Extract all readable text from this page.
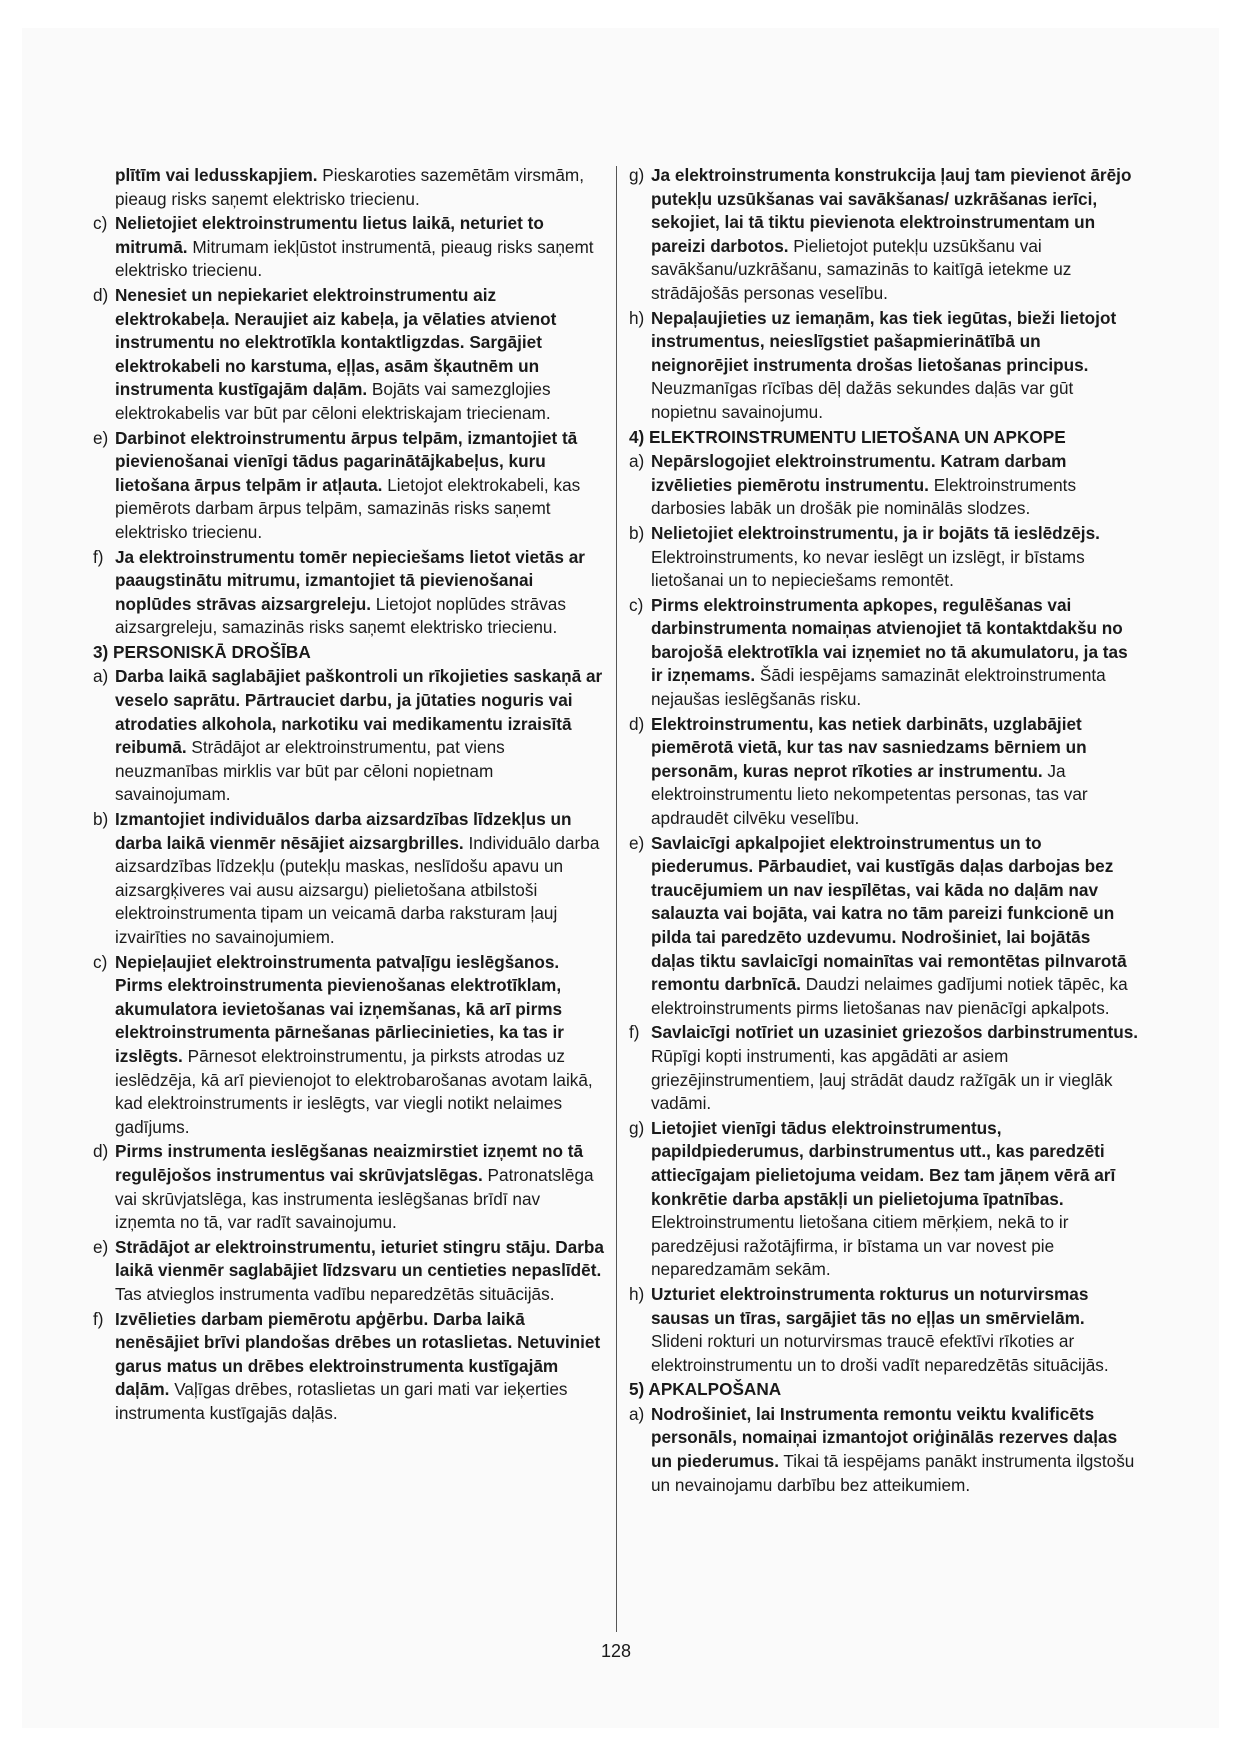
plītīm vai ledusskapjiem. Pieskaroties sazemētām virsmām, pieaug risks saņemt elektrisko triecienu.
c) Nelietojiet elektroinstrumentu lietus laikā, neturiet to mitrumā. Mitrumam iekļūstot instrumentā, pieaug risks saņemt elektrisko triecienu.
d) Nenesiet un nepiekariet elektroinstrumentu aiz elektrokabeļa. Neraujiet aiz kabeļa, ja vēlaties atvienot instrumentu no elektrotīkla kontaktligzdas. Sargājiet elektrokabeli no karstuma, eļļas, asām šķautnēm un instrumenta kustīgajām daļām. Bojāts vai samezglojies elektrokabelis var būt par cēloni elektriskajam triecienam.
e) Darbinot elektroinstrumentu ārpus telpām, izmantojiet tā pievienošanai vienīgi tādus pagarinātājkabeļus, kuru lietošana ārpus telpām ir atļauta. Lietojot elektrokabeli, kas piemērots darbam ārpus telpām, samazinās risks saņemt elektrisko triecienu.
f) Ja elektroinstrumentu tomēr nepieciešams lietot vietās ar paaugstinātu mitrumu, izmantojiet tā pievienošanai noplūdes strāvas aizsargreleju. Lietojot noplūdes strāvas aizsargreleju, samazinās risks saņemt elektrisko triecienu.
3) PERSONISKĀ DROŠĪBA
a) Darba laikā saglabājiet paškontroli un rīkojieties saskaņā ar veselo saprātu. Pārtrauciet darbu, ja jūtaties noguris vai atrodaties alkohola, narkotiku vai medikamentu izraisītā reibumā. Strādājot ar elektroinstrumentu, pat viens neuzmanības mirklis var būt par cēloni nopietnam savainojumam.
b) Izmantojiet individuālos darba aizsardzības līdzekļus un darba laikā vienmēr nēsājiet aizsargbrilles. Individuālo darba aizsardzības līdzekļu (putekļu maskas, neslīdošu apavu un aizsargķiveres vai ausu aizsargu) pielietošana atbilstoši elektroinstrumenta tipam un veicamā darba raksturam ļauj izvairīties no savainojumiem.
c) Nepieļaujiet elektroinstrumenta patvaļīgu ieslēgšanos. Pirms elektroinstrumenta pievienošanas elektrotīklam, akumulatora ievietošanas vai izņemšanas, kā arī pirms elektroinstrumenta pārnešanas pārliecinieties, ka tas ir izslēgts. Pārnesot elektroinstrumentu, ja pirksts atrodas uz ieslēdzēja, kā arī pievienojot to elektrobarošanas avotam laikā, kad elektroinstruments ir ieslēgts, var viegli notikt nelaimes gadījums.
d) Pirms instrumenta ieslēgšanas neaizmirstiet izņemt no tā regulējošos instrumentus vai skrūvjatslēgas. Patronatslēga vai skrūvjatslēga, kas instrumenta ieslēgšanas brīdī nav izņemta no tā, var radīt savainojumu.
e) Strādājot ar elektroinstrumentu, ieturiet stingru stāju. Darba laikā vienmēr saglabājiet līdzsvaru un centieties nepaslīdēt. Tas atvieglos instrumenta vadību neparedzētās situācijās.
f) Izvēlieties darbam piemērotu apģērbu. Darba laikā nenēsājiet brīvi plandošas drēbes un rotaslietas. Netuviniet garus matus un drēbes elektroinstrumenta kustīgajām daļām. Vaļīgas drēbes, rotaslietas un gari mati var ieķerties instrumenta kustīgajās daļās.
g) Ja elektroinstrumenta konstrukcija ļauj tam pievienot ārējo putekļu uzsūkšanas vai savākšanas/ uzkrāšanas ierīci, sekojiet, lai tā tiktu pievienota elektroinstrumentam un pareizi darbotos. Pielietojot putekļu uzsūkšanu vai savākšanu/uzkrāšanu, samazinās to kaitīgā ietekme uz strādājošās personas veselību.
h) Nepaļaujieties uz iemaņām, kas tiek iegūtas, bieži lietojot instrumentus, neieslīgstiet pašapmierinātībā un neignorējiet instrumenta drošas lietošanas principus. Neuzmanīgas rīcības dēļ dažās sekundes daļās var gūt nopietnu savainojumu.
4) ELEKTROINSTRUMENTU LIETOŠANA UN APKOPE
a) Nepārslogojiet elektroinstrumentu. Katram darbam izvēlieties piemērotu instrumentu. Elektroinstruments darbosies labāk un drošāk pie nominālās slodzes.
b) Nelietojiet elektroinstrumentu, ja ir bojāts tā ieslēdzējs. Elektroinstruments, ko nevar ieslēgt un izslēgt, ir bīstams lietošanai un to nepieciešams remontēt.
c) Pirms elektroinstrumenta apkopes, regulēšanas vai darbinstrumenta nomaiņas atvienojiet tā kontaktdakšu no barojošā elektrotīkla vai izņemiet no tā akumulatoru, ja tas ir izņemams. Šādi iespējams samazināt elektroinstrumenta nejaušas ieslēgšanās risku.
d) Elektroinstrumentu, kas netiek darbināts, uzglabājiet piemērotā vietā, kur tas nav sasniedzams bērniem un personām, kuras neprot rīkoties ar instrumentu. Ja elektroinstrumentu lieto nekompetentas personas, tas var apdraudēt cilvēku veselību.
e) Savlaicīgi apkalpojiet elektroinstrumentus un to piederumus. Pārbaudiet, vai kustīgās daļas darbojas bez traucējumiem un nav iespīlētas, vai kāda no daļām nav salauzta vai bojāta, vai katra no tām pareizi funkcionē un pilda tai paredzēto uzdevumu. Nodrošiniet, lai bojātās daļas tiktu savlaicīgi nomainītas vai remontētas pilnvarotā remontu darbnīcā. Daudzi nelaimes gadījumi notiek tāpēc, ka elektroinstruments pirms lietošanas nav pienācīgi apkalpots.
f) Savlaicīgi notīriet un uzasiniet griezošos darbinstrumentus. Rūpīgi kopti instrumenti, kas apgādāti ar asiem griezējinstrumentiem, ļauj strādāt daudz ražīgāk un ir vieglāk vadāmi.
g) Lietojiet vienīgi tādus elektroinstrumentus, papildpiederumus, darbinstrumentus utt., kas paredzēti attiecīgajam pielietojuma veidam. Bez tam jāņem vērā arī konkrētie darba apstākļi un pielietojuma īpatnības. Elektroinstrumentu lietošana citiem mērķiem, nekā to ir paredzējusi ražotājfirma, ir bīstama un var novest pie neparedzamām sekām.
h) Uzturiet elektroinstrumenta rokturus un noturvirsmas sausas un tīras, sargājiet tās no eļļas un smērvielām. Slideni rokturi un noturvirsmas traucē efektīvi rīkoties ar elektroinstrumentu un to droši vadīt neparedzētās situācijās.
5) APKALPOŠANA
a) Nodrošiniet, lai Instrumenta remontu veiktu kvalificēts personāls, nomaiņai izmantojot oriģinālās rezerves daļas un piederumus. Tikai tā iespējams panākt instrumenta ilgstošu un nevainojamu darbību bez atteikumiem.
128
